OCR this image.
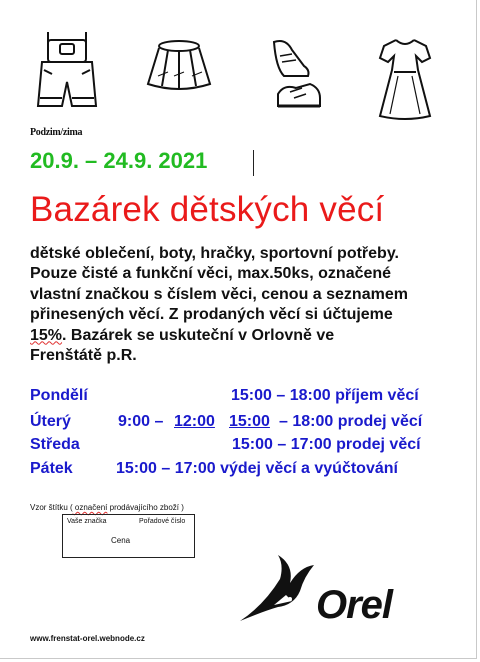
Podzim/zima
20.9. – 24.9. 2021
Bazárek dětských věcí

dětské oblečení, boty, hračky, sportovní potřeby.

Pouze čisté a funkční věci, max.50ks, označené

vlastní značkou s číslem věci, cenou a seznamem

přinesených věcí. Z prodaných věcí si účtujeme

15%. Bazárek se uskuteční v Orlovně ve

Frenštátě p.R.

Pondělí	15:00 – 18:00 příjem věcí
Úterý	9:00 – 12:00 15:00 – 18:00 prodej věcí
Středa	15:00 – 17:00 prodej věcí
Pátek	15:00 – 17:00 výdej věcí a vyúčtování
Vzor štítku ( označení prodávajícího zboží )
Vaše značka	Pořadové číslo
Cena
Orel
www.frenstat-orel.webnode.cz
